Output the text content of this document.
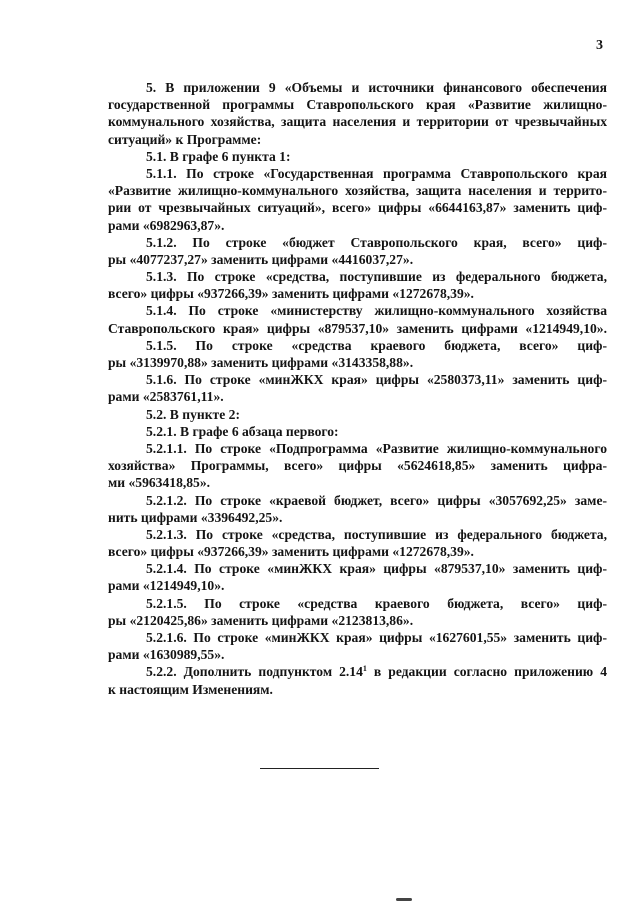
3
5. В приложении 9 «Объемы и источники финансового обеспечения
государственной программы Ставропольского края «Развитие жилищно-
коммунального хозяйства, защита населения и территории от чрезвычайных
ситуаций» к Программе:
5.1. В графе 6 пункта 1:
5.1.1. По строке «Государственная программа Ставропольского края
«Развитие жилищно-коммунального хозяйства, защита населения и террито-
рии от чрезвычайных ситуаций», всего» цифры «6644163,87» заменить циф-
рами «6982963,87».
5.1.2. По строке «бюджет Ставропольского края, всего» циф-
ры «4077237,27» заменить цифрами «4416037,27».
5.1.3. По строке «средства, поступившие из федерального бюджета,
всего» цифры «937266,39» заменить цифрами «1272678,39».
5.1.4. По строке «министерству жилищно-коммунального хозяйства
Ставропольского края» цифры «879537,10» заменить цифрами «1214949,10».
5.1.5. По строке «средства краевого бюджета, всего» циф-
ры «3139970,88» заменить цифрами «3143358,88».
5.1.6. По строке «минЖКХ края» цифры «2580373,11» заменить циф-
рами «2583761,11».
5.2. В пункте 2:
5.2.1. В графе 6 абзаца первого:
5.2.1.1. По строке «Подпрограмма «Развитие жилищно-коммунального
хозяйства» Программы, всего» цифры «5624618,85» заменить цифра-
ми «5963418,85».
5.2.1.2. По строке «краевой бюджет, всего» цифры «3057692,25» заме-
нить цифрами «3396492,25».
5.2.1.3. По строке «средства, поступившие из федерального бюджета,
всего» цифры «937266,39» заменить цифрами «1272678,39».
5.2.1.4. По строке «минЖКХ края» цифры «879537,10» заменить циф-
рами «1214949,10».
5.2.1.5. По строке «средства краевого бюджета, всего» циф-
ры «2120425,86» заменить цифрами «2123813,86».
5.2.1.6. По строке «минЖКХ края» цифры «1627601,55» заменить циф-
рами «1630989,55».
5.2.2. Дополнить подпунктом 2.14$^1$ в редакции согласно приложению 4
к настоящим Изменениям.
